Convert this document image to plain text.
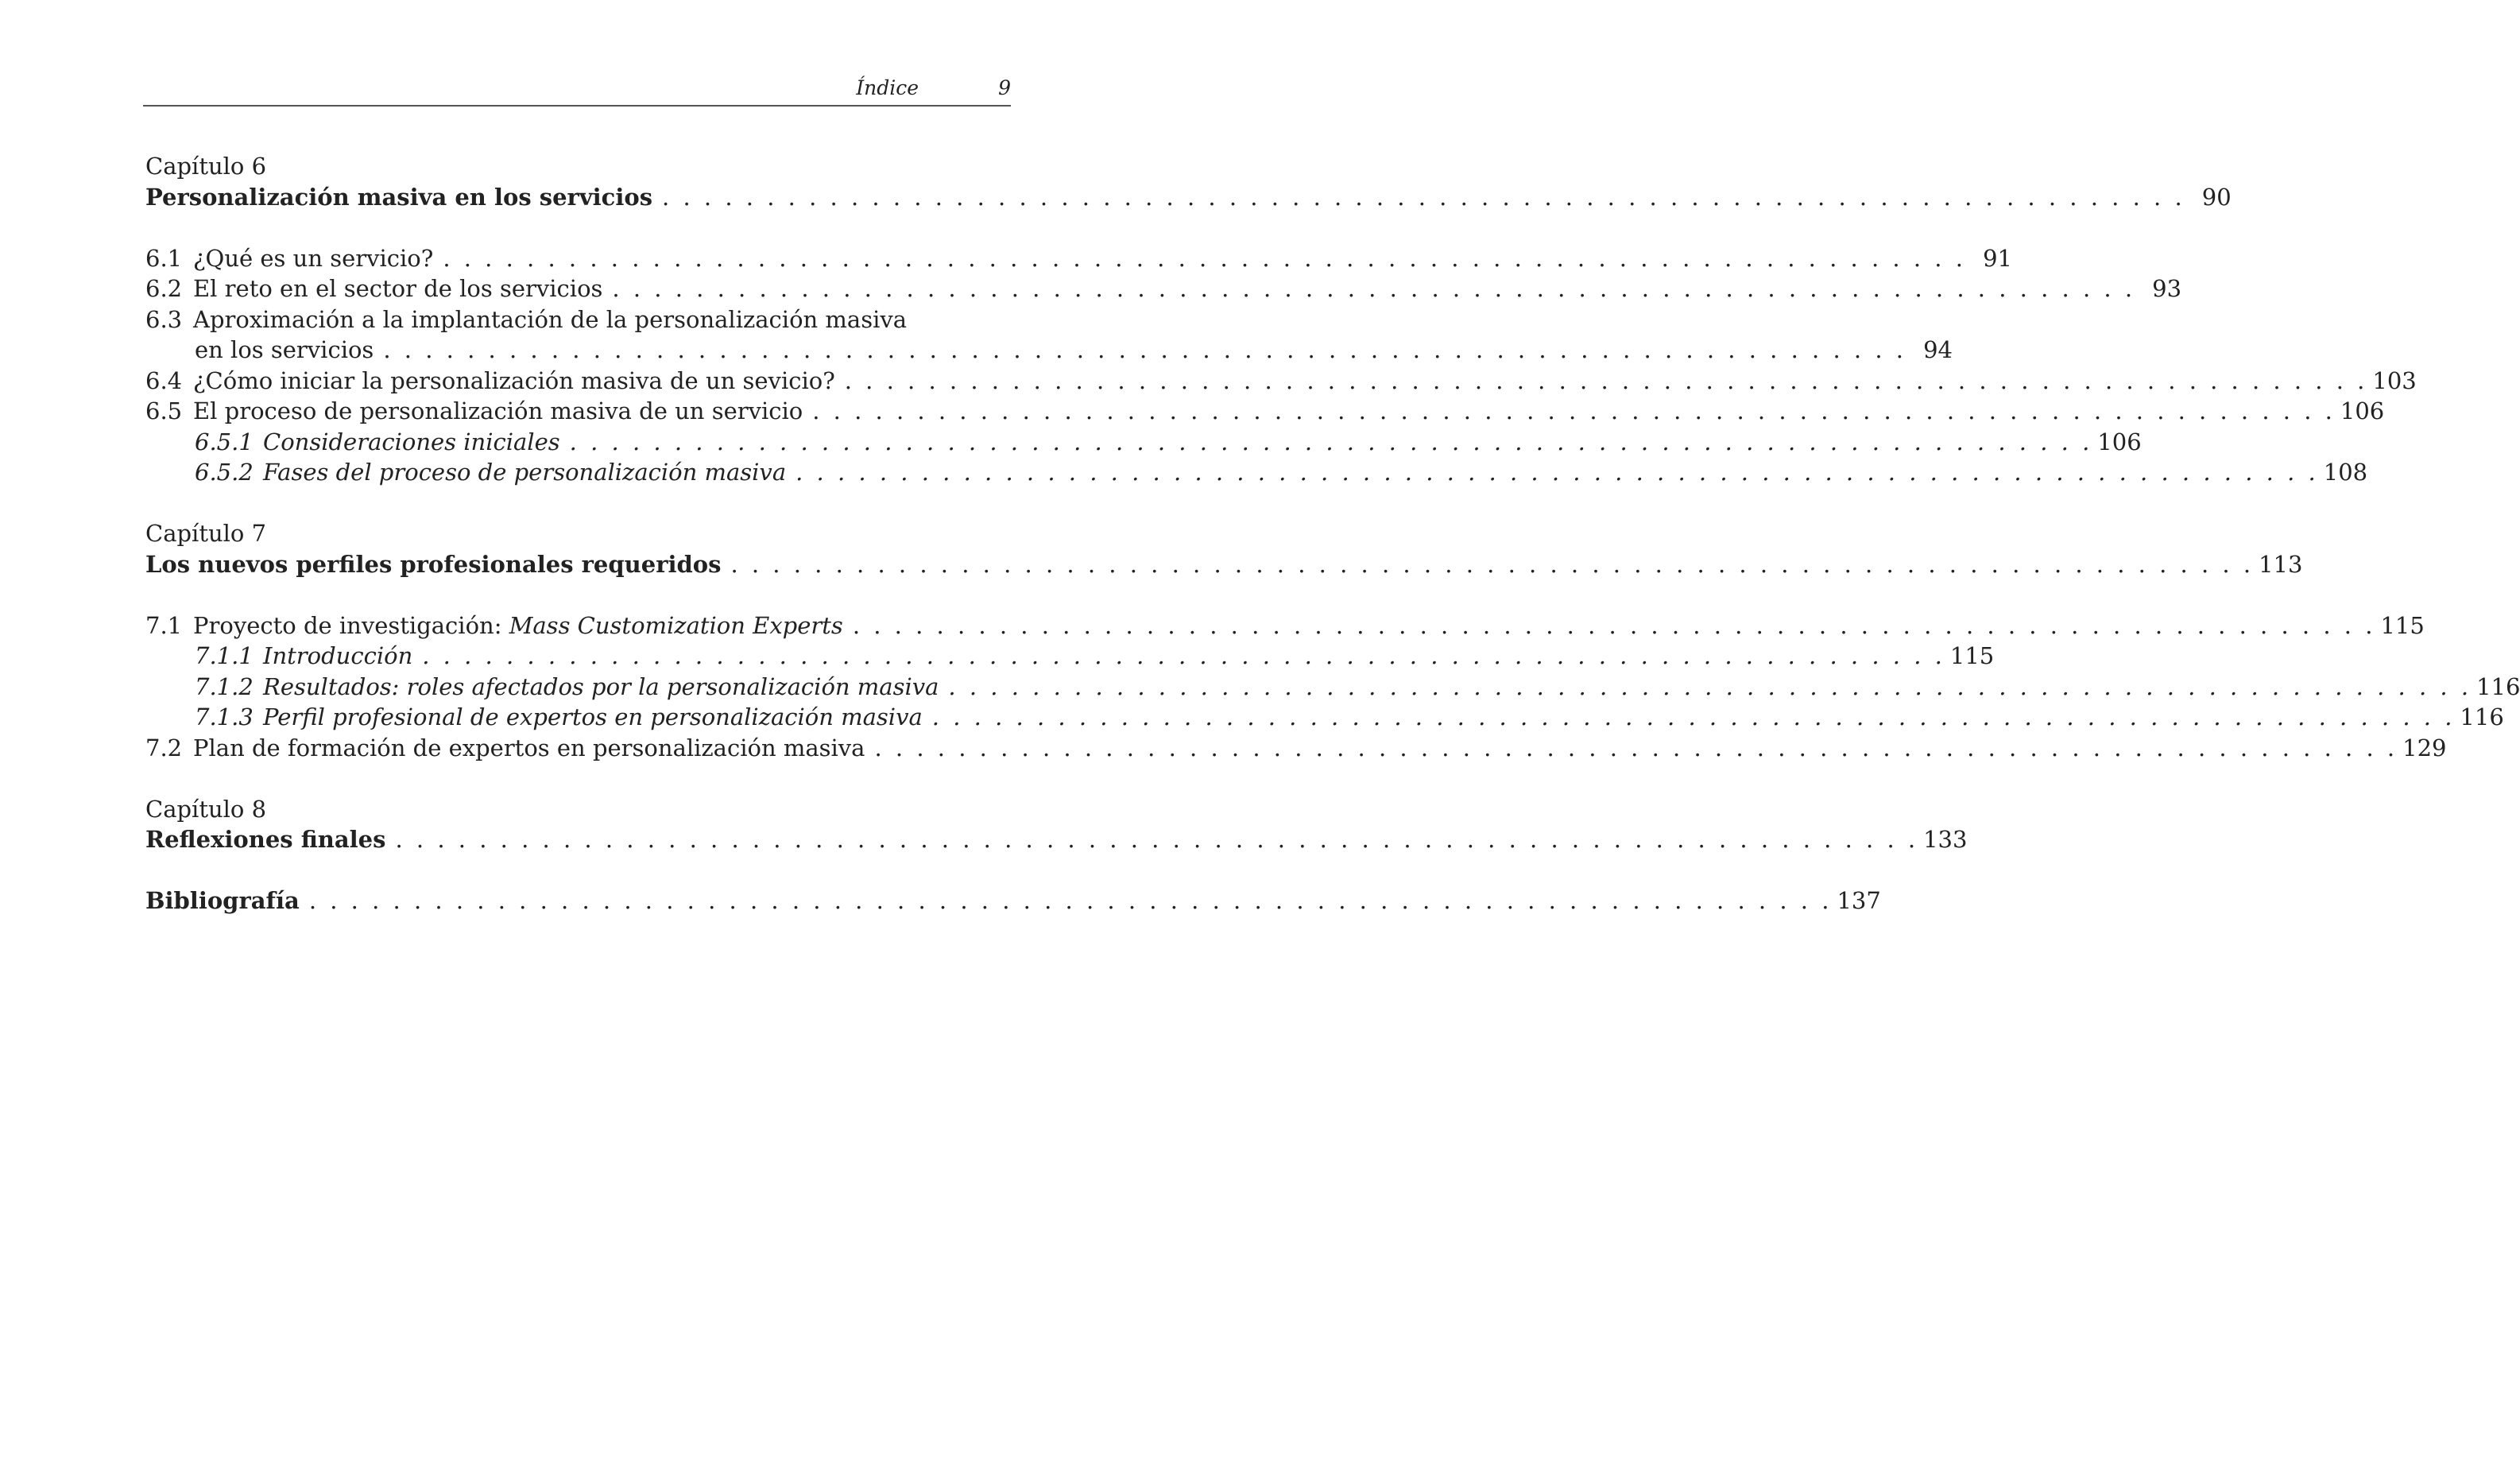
Índice	9
Capítulo 6
Personalización masiva en los servicios . . . . . . . . . . . . . . . . . . . . . . . . . . . . . . . . . . . . . . . . . . . . . . . . . . . . . . . . . . . . . . . . . . . . . . . . . 90
6.1 ¿Qué es un servicio? . . . . . . . . . . . . . . . . . . . . . . . . . . . . . . . . . . . . . . . . . . . . . . . . . . . . . . . . . . . . . . . . . . . . . . . . . 91
6.2 El reto en el sector de los servicios . . . . . . . . . . . . . . . . . . . . . . . . . . . . . . . . . . . . . . . . . . . . . . . . . . . . . . . . . . . . . . . . . . . . . . . . . 93
6.3 Aproximación a la implantación de la personalización masiva
en los servicios . . . . . . . . . . . . . . . . . . . . . . . . . . . . . . . . . . . . . . . . . . . . . . . . . . . . . . . . . . . . . . . . . . . . . . . . . 94
6.4 ¿Cómo iniciar la personalización masiva de un sevicio? . . . . . . . . . . . . . . . . . . . . . . . . . . . . . . . . . . . . . . . . . . . . . . . . . . . . . . . . . . . . . . . . . . . . . . . . . 103
6.5 El proceso de personalización masiva de un servicio . . . . . . . . . . . . . . . . . . . . . . . . . . . . . . . . . . . . . . . . . . . . . . . . . . . . . . . . . . . . . . . . . . . . . . . . . 106
6.5.1 Consideraciones iniciales . . . . . . . . . . . . . . . . . . . . . . . . . . . . . . . . . . . . . . . . . . . . . . . . . . . . . . . . . . . . . . . . . . . . . . . . . 106
6.5.2 Fases del proceso de personalización masiva . . . . . . . . . . . . . . . . . . . . . . . . . . . . . . . . . . . . . . . . . . . . . . . . . . . . . . . . . . . . . . . . . . . . . . . . . 108
Capítulo 7
Los nuevos perfiles profesionales requeridos . . . . . . . . . . . . . . . . . . . . . . . . . . . . . . . . . . . . . . . . . . . . . . . . . . . . . . . . . . . . . . . . . . . . . . . . . 113
7.1 Proyecto de investigación: Mass Customization Experts . . . . . . . . . . . . . . . . . . . . . . . . . . . . . . . . . . . . . . . . . . . . . . . . . . . . . . . . . . . . . . . . . . . . . . . . . 115
7.1.1 Introducción . . . . . . . . . . . . . . . . . . . . . . . . . . . . . . . . . . . . . . . . . . . . . . . . . . . . . . . . . . . . . . . . . . . . . . . . . 115
7.1.2 Resultados: roles afectados por la personalización masiva . . . . . . . . . . . . . . . . . . . . . . . . . . . . . . . . . . . . . . . . . . . . . . . . . . . . . . . . . . . . . . . . . . . . . . . . . 116
7.1.3 Perfil profesional de expertos en personalización masiva . . . . . . . . . . . . . . . . . . . . . . . . . . . . . . . . . . . . . . . . . . . . . . . . . . . . . . . . . . . . . . . . . . . . . . . . . 116
7.2 Plan de formación de expertos en personalización masiva . . . . . . . . . . . . . . . . . . . . . . . . . . . . . . . . . . . . . . . . . . . . . . . . . . . . . . . . . . . . . . . . . . . . . . . . . 129
Capítulo 8
Reflexiones finales . . . . . . . . . . . . . . . . . . . . . . . . . . . . . . . . . . . . . . . . . . . . . . . . . . . . . . . . . . . . . . . . . . . . . . . . . 133
Bibliografía . . . . . . . . . . . . . . . . . . . . . . . . . . . . . . . . . . . . . . . . . . . . . . . . . . . . . . . . . . . . . . . . . . . . . . . . . 137
